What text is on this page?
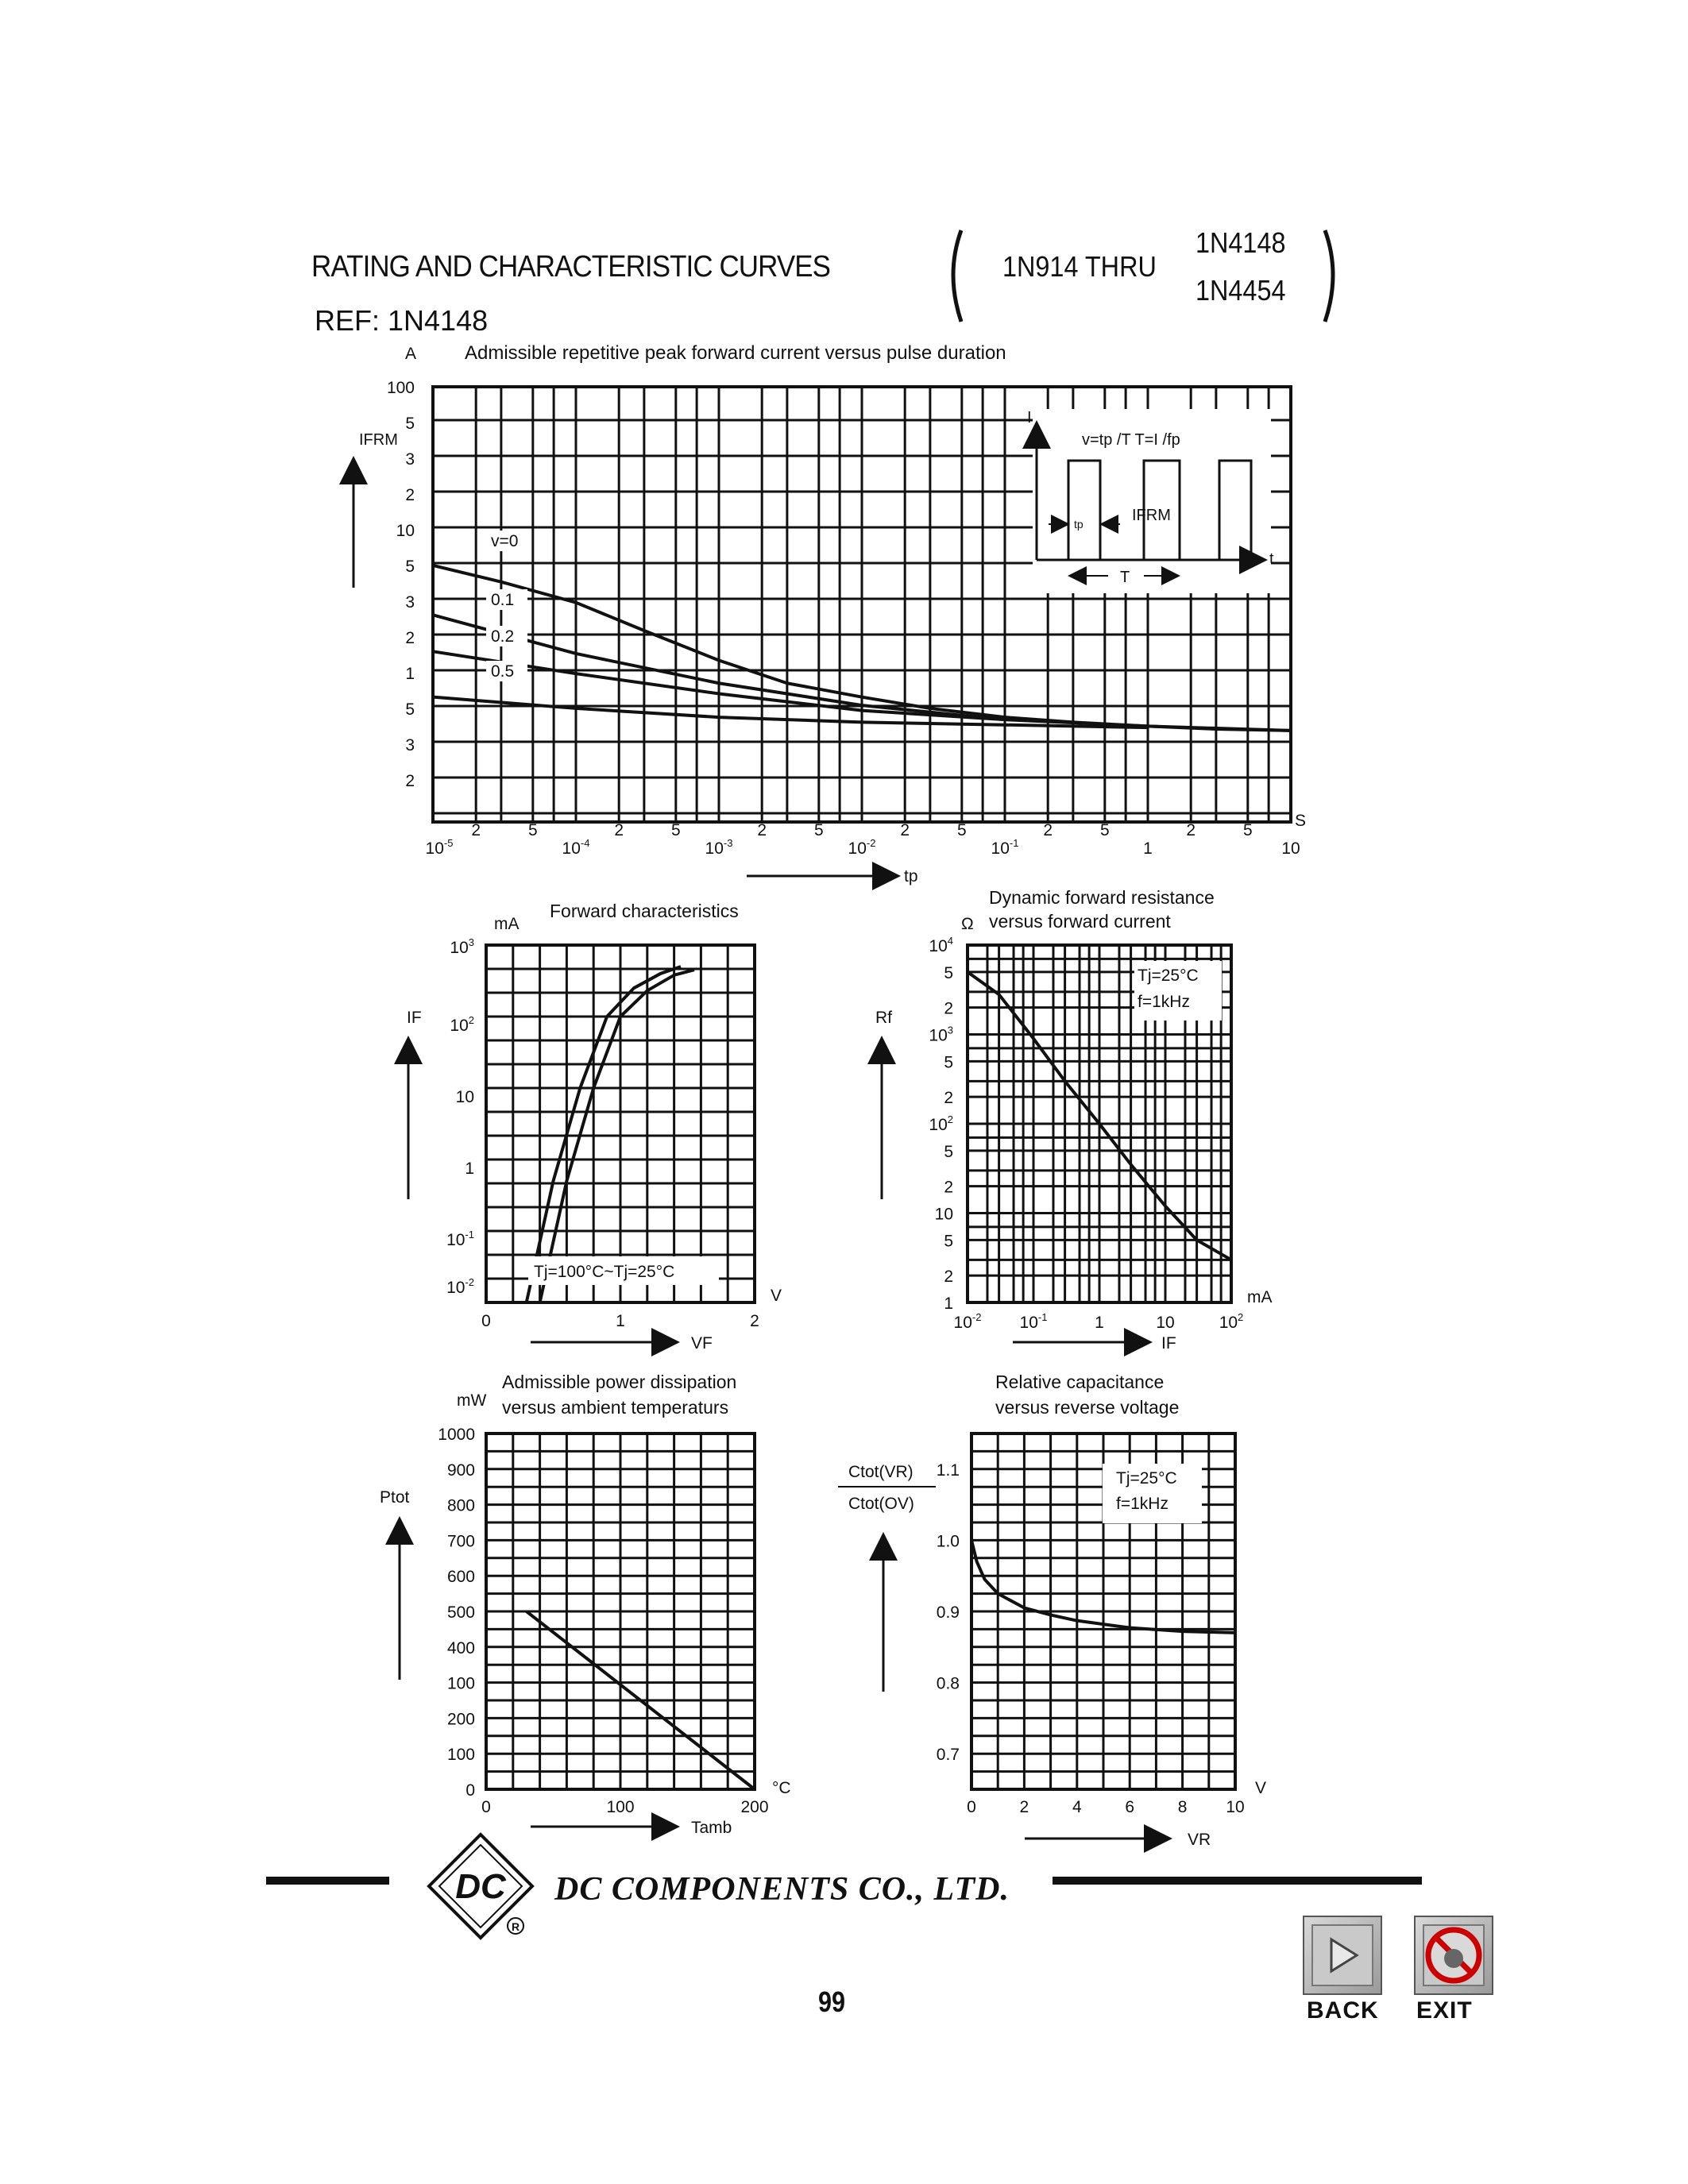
RATING AND CHARACTERISTIC CURVES
REF: 1N4148
1N914 THRU
1N4148
1N4454
A	Admissible repetitive peak forward current versus pulse duration
IFRM
100
5
3
2
10
5
3
2
1
5
3
2
2	5	2	5	2	5	2	5	2	5	2	5
1	10
$10^{-5}$	$10^{-4}$	$10^{-3}$	$10^{-2}$	$10^{-1}$
v=0
0.1
0.2
0.5
v=tp /T T=I /fp
I
t
tp	IFRM
T
S
tp
mA
Forward characteristics
IF
$10^3$
$10^2$
10
1
$10^{-1}$
$10^{-2}$
0	1	2
Tj=100°C~Tj=25°C
V
VF
Dynamic forward resistance
versus forward current
Ω
Rf
$10^4$
5
2
$10^3$
5
2
$10^2$
5
2
10
5
2
1
$10^{-2}$ $10^{-1}$	1	10	$10^2$
Tj=25°C
f=1kHz
mA
IF
Admissible power dissipation
versus ambient temperaturs
mW
Ptot
1000
900
800
700
600
500
400
100
200
100
0
0	100	200
°C
Tamb
Relative capacitance
versus reverse voltage
Ctot(VR)
Ctot(OV)
1.1
1.0
0.9
0.8
0.7
0	2	4	6	8 10
Tj=25°C
f=1kHz
V
VR
DC
R
DC COMPONENTS CO., LTD.
99	BACK EXIT
